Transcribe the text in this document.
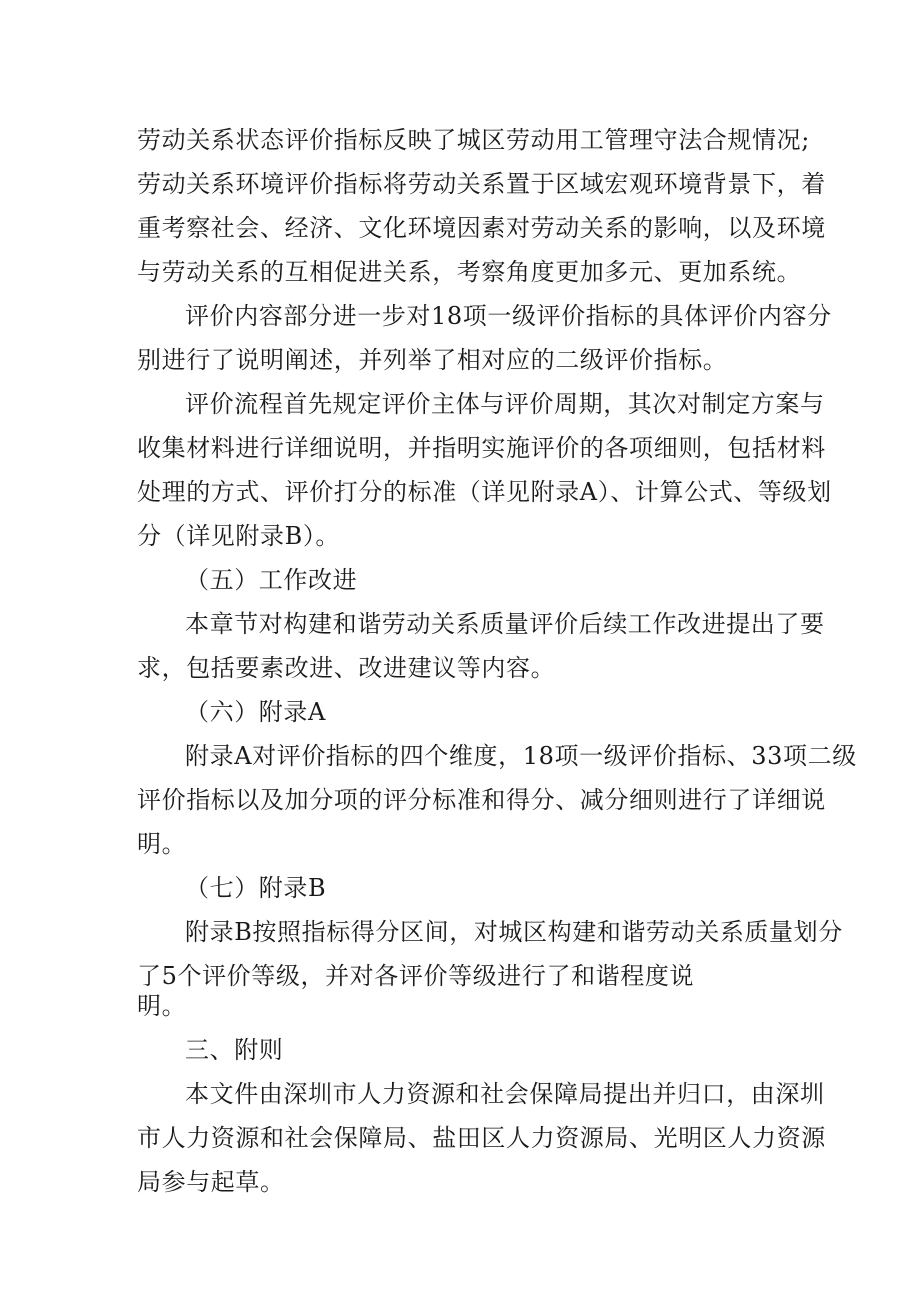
劳动关系状态评价指标反映了城区劳动用工管理守法合规情况;
劳动关系环境评价指标将劳动关系置于区域宏观环境背景下，着
重考察社会、经济、文化环境因素对劳动关系的影响，以及环境
与劳动关系的互相促进关系，考察角度更加多元、更加系统。
评价内容部分进一步对18项一级评价指标的具体评价内容分
别进行了说明阐述，并列举了相对应的二级评价指标。
评价流程首先规定评价主体与评价周期，其次对制定方案与
收集材料进行详细说明，并指明实施评价的各项细则，包括材料
处理的方式、评价打分的标准（详见附录A）、计算公式、等级划
分（详见附录B）。
（五）工作改进
本章节对构建和谐劳动关系质量评价后续工作改进提出了要
求，包括要素改进、改进建议等内容。
（六）附录A
附录A对评价指标的四个维度，18项一级评价指标、33项二级
评价指标以及加分项的评分标准和得分、减分细则进行了详细说
明。
（七）附录B
附录B按照指标得分区间，对城区构建和谐劳动关系质量划分
了5个评价等级，并对各评价等级进行了和谐程度说
明。
三、附则
本文件由深圳市人力资源和社会保障局提出并归口，由深圳
市人力资源和社会保障局、盐田区人力资源局、光明区人力资源
局参与起草。
